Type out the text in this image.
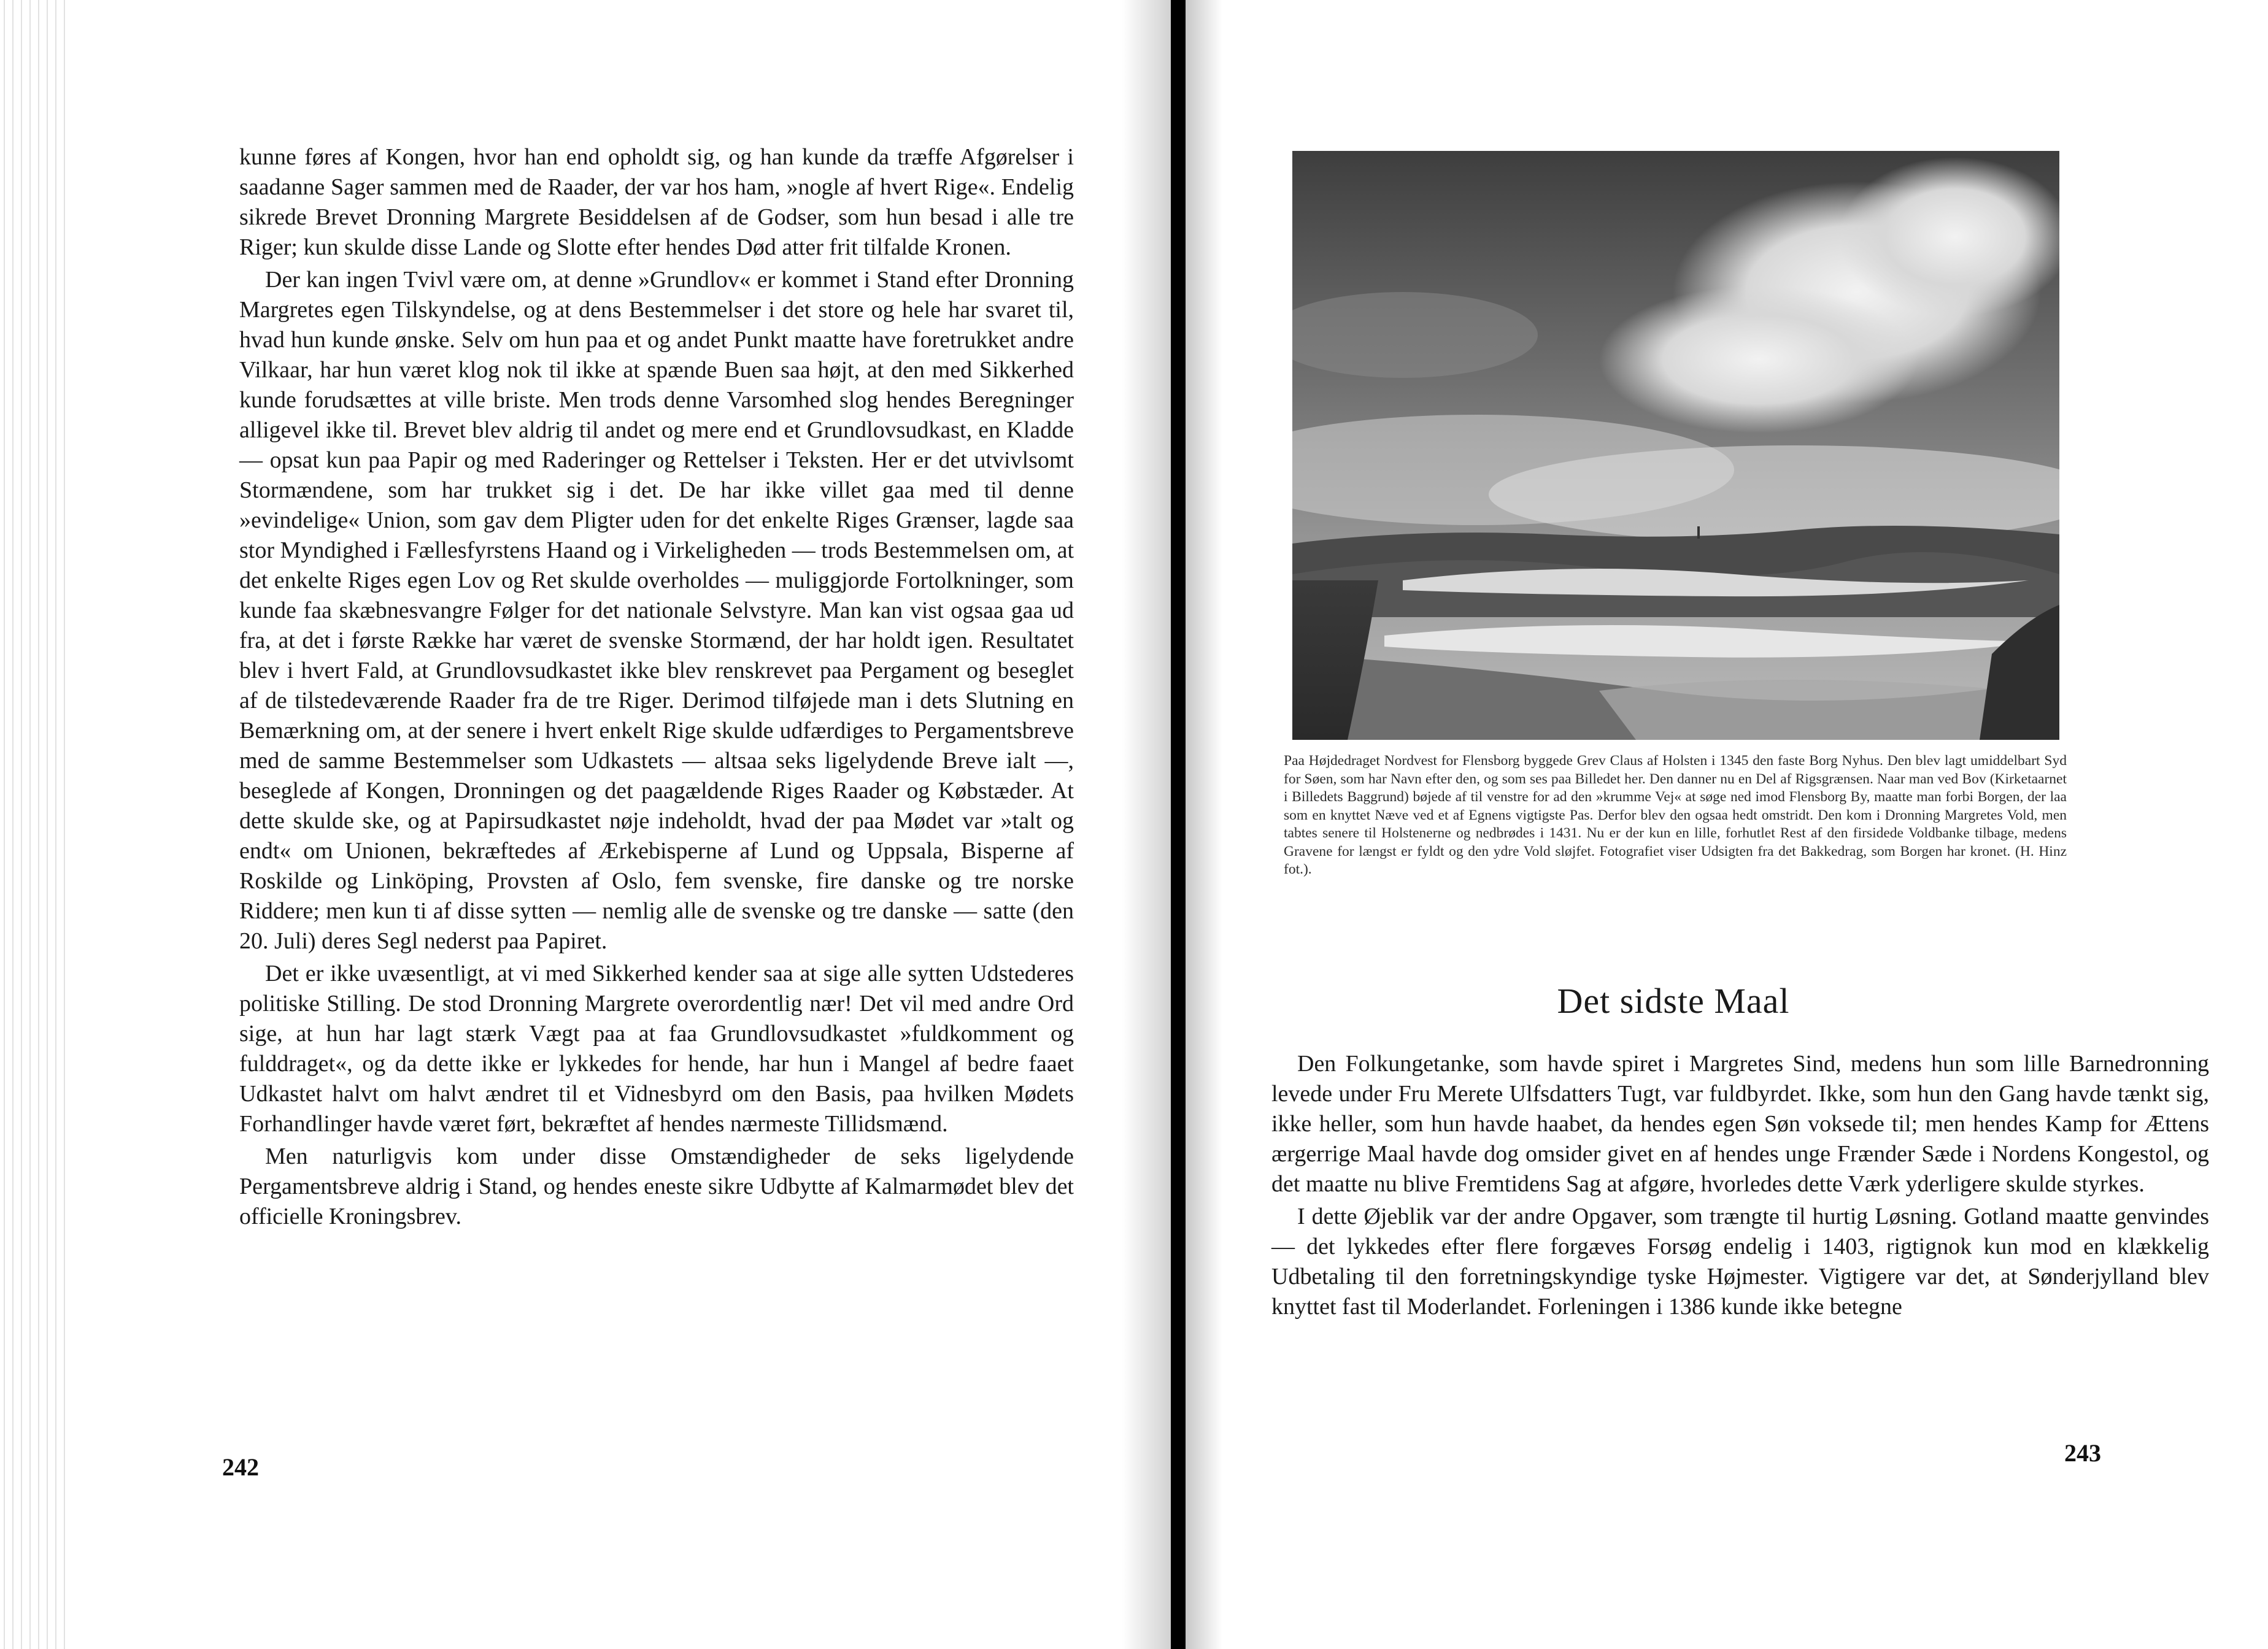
kunne føres af Kongen, hvor han end opholdt sig, og han kunde da træffe Afgørelser i saadanne Sager sammen med de Raader, der var hos ham, »nogle af hvert Rige«. Endelig sikrede Brevet Dronning Margrete Besiddelsen af de Godser, som hun besad i alle tre Riger; kun skulde disse Lande og Slotte efter hendes Død atter frit tilfalde Kronen.

Der kan ingen Tvivl være om, at denne »Grundlov« er kommet i Stand efter Dronning Margretes egen Tilskyndelse, og at dens Bestemmelser i det store og hele har svaret til, hvad hun kunde ønske. Selv om hun paa et og andet Punkt maatte have foretrukket andre Vilkaar, har hun været klog nok til ikke at spænde Buen saa højt, at den med Sikkerhed kunde forudsættes at ville briste. Men trods denne Varsomhed slog hendes Beregninger alligevel ikke til. Brevet blev aldrig til andet og mere end et Grundlovsudkast, en Kladde — opsat kun paa Papir og med Raderinger og Rettelser i Teksten. Her er det utvivlsomt Stormændene, som har trukket sig i det. De har ikke villet gaa med til denne »evindelige« Union, som gav dem Pligter uden for det enkelte Riges Grænser, lagde saa stor Myndighed i Fællesfyrstens Haand og i Virkeligheden — trods Bestemmelsen om, at det enkelte Riges egen Lov og Ret skulde overholdes — muliggjorde Fortolkninger, som kunde faa skæbnesvangre Følger for det nationale Selvstyre. Man kan vist ogsaa gaa ud fra, at det i første Række har været de svenske Stormænd, der har holdt igen. Resultatet blev i hvert Fald, at Grundlovsudkastet ikke blev renskrevet paa Pergament og beseglet af de tilstedeværende Raader fra de tre Riger. Derimod tilføjede man i dets Slutning en Bemærkning om, at der senere i hvert enkelt Rige skulde udfærdiges to Pergamentsbreve med de samme Bestemmelser som Udkastets — altsaa seks ligelydende Breve ialt —, beseglede af Kongen, Dronningen og det paagældende Riges Raader og Købstæder. At dette skulde ske, og at Papirsudkastet nøje indeholdt, hvad der paa Mødet var »talt og endt« om Unionen, bekræftedes af Ærkebisperne af Lund og Uppsala, Bisperne af Roskilde og Linköping, Provsten af Oslo, fem svenske, fire danske og tre norske Riddere; men kun ti af disse sytten — nemlig alle de svenske og tre danske — satte (den 20. Juli) deres Segl nederst paa Papiret.

Det er ikke uvæsentligt, at vi med Sikkerhed kender saa at sige alle sytten Udstederes politiske Stilling. De stod Dronning Margrete overordentlig nær! Det vil med andre Ord sige, at hun har lagt stærk Vægt paa at faa Grundlovsudkastet »fuldkomment og fulddraget«, og da dette ikke er lykkedes for hende, har hun i Mangel af bedre faaet Udkastet halvt om halvt ændret til et Vidnesbyrd om den Basis, paa hvilken Mødets Forhandlinger havde været ført, bekræftet af hendes nærmeste Tillidsmænd.

Men naturligvis kom under disse Omstændigheder de seks ligelydende Pergamentsbreve aldrig i Stand, og hendes eneste sikre Udbytte af Kalmarmødet blev det officielle Kroningsbrev.

242
Paa Højdedraget Nordvest for Flensborg byggede Grev Claus af Holsten i 1345 den faste Borg Nyhus. Den blev lagt umiddelbart Syd for Søen, som har Navn efter den, og som ses paa Billedet her. Den danner nu en Del af Rigsgrænsen. Naar man ved Bov (Kirketaarnet i Billedets Baggrund) bøjede af til venstre for ad den »krumme Vej« at søge ned imod Flensborg By, maatte man forbi Borgen, der laa som en knyttet Næve ved et af Egnens vigtigste Pas. Derfor blev den ogsaa hedt omstridt. Den kom i Dronning Margretes Vold, men tabtes senere til Holstenerne og nedbrødes i 1431. Nu er der kun en lille, forhutlet Rest af den firsidede Voldbanke tilbage, medens Gravene for længst er fyldt og den ydre Vold sløjfet. Fotografiet viser Udsigten fra det Bakkedrag, som Borgen har kronet. (H. Hinz fot.).
Det sidste Maal

Den Folkungetanke, som havde spiret i Margretes Sind, medens hun som lille Barnedronning levede under Fru Merete Ulfsdatters Tugt, var fuldbyrdet. Ikke, som hun den Gang havde tænkt sig, ikke heller, som hun havde haabet, da hendes egen Søn voksede til; men hendes Kamp for Ættens ærgerrige Maal havde dog omsider givet en af hendes unge Frænder Sæde i Nordens Kongestol, og det maatte nu blive Fremtidens Sag at afgøre, hvorledes dette Værk yderligere skulde styrkes.

I dette Øjeblik var der andre Opgaver, som trængte til hurtig Løsning. Gotland maatte genvindes — det lykkedes efter flere forgæves Forsøg endelig i 1403, rigtignok kun mod en klækkelig Udbetaling til den forretningskyndige tyske Højmester. Vigtigere var det, at Sønderjylland blev knyttet fast til Moderlandet. Forleningen i 1386 kunde ikke betegne

243
